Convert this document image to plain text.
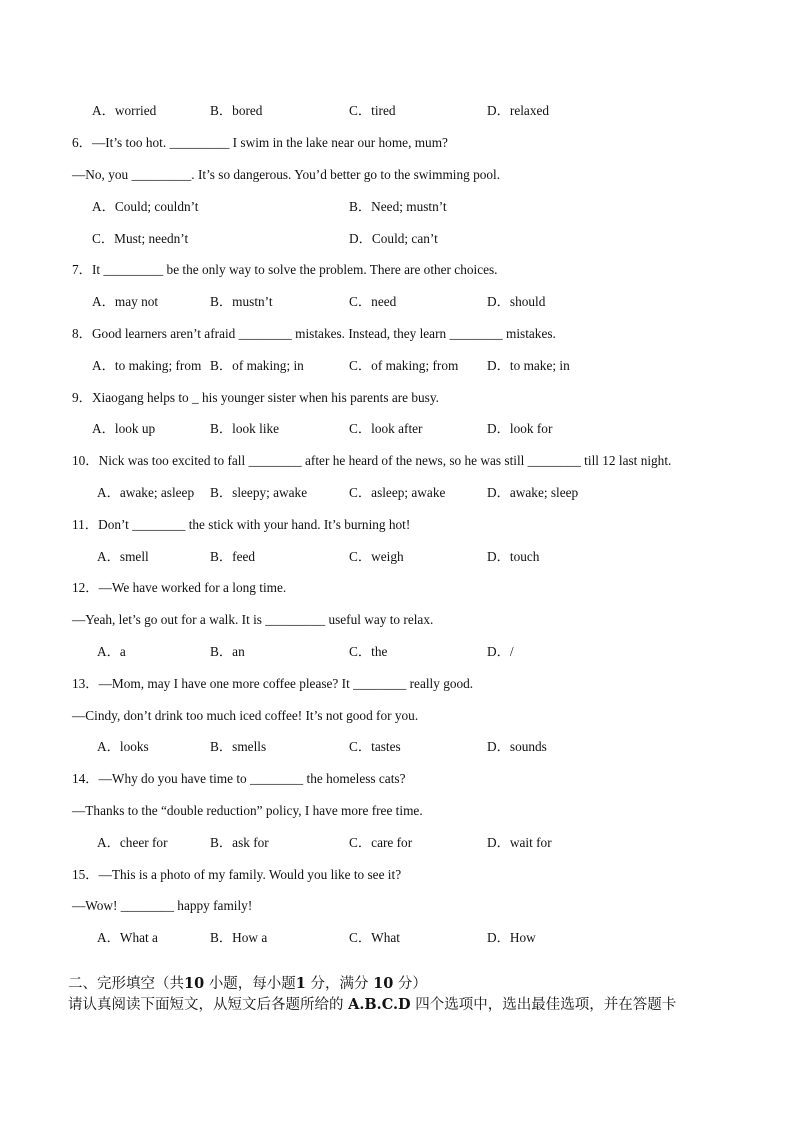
A．worried	B．bored	C．tired	D．relaxed
6．—It’s too hot. _________ I swim in the lake near our home, mum?
—No, you _________. It’s so dangerous. You’d better go to the swimming pool.
A．Could; couldn’t	B．Need; mustn’t
C．Must; needn’t	D．Could; can’t
7．It _________ be the only way to solve the problem. There are other choices.
A．may not	B．mustn’t	C．need	D．should
8．Good learners aren’t afraid ________ mistakes. Instead, they learn ________ mistakes.
A．to making; from B．of making; in	C．of making; from D．to make; in
9．Xiaogang helps to _ his younger sister when his parents are busy.
A．look up	B．look like	C．look after	D．look for
10．Nick was too excited to fall ________ after he heard of the news, so he was still ________ till 12 last night.
A．awake; asleep B．sleepy; awake	C．asleep; awake	D．awake; sleep
11．Don’t ________ the stick with your hand. It’s burning hot!
A．smell	B．feed	C．weigh	D．touch
12．—We have worked for a long time.
—Yeah, let’s go out for a walk. It is _________ useful way to relax.
A．a	B．an	C．the	D．/
13．—Mom, may I have one more coffee please? It ________ really good.
—Cindy, don’t drink too much iced coffee! It’s not good for you.
A．looks	B．smells	C．tastes	D．sounds
14．—Why do you have time to ________ the homeless cats?
—Thanks to the “double reduction” policy, I have more free time.
A．cheer for	B．ask for	C．care for	D．wait for
15．—This is a photo of my family. Would you like to see it?
—Wow! ________ happy family!
A．What a	B．How a	C．What	D．How
二、完形填空（共10 小题，每小题1 分，满分 10 分）
请认真阅读下面短文，从短文后各题所给的 A.B.C.D 四个选项中，选出最佳选项，并在答题卡
